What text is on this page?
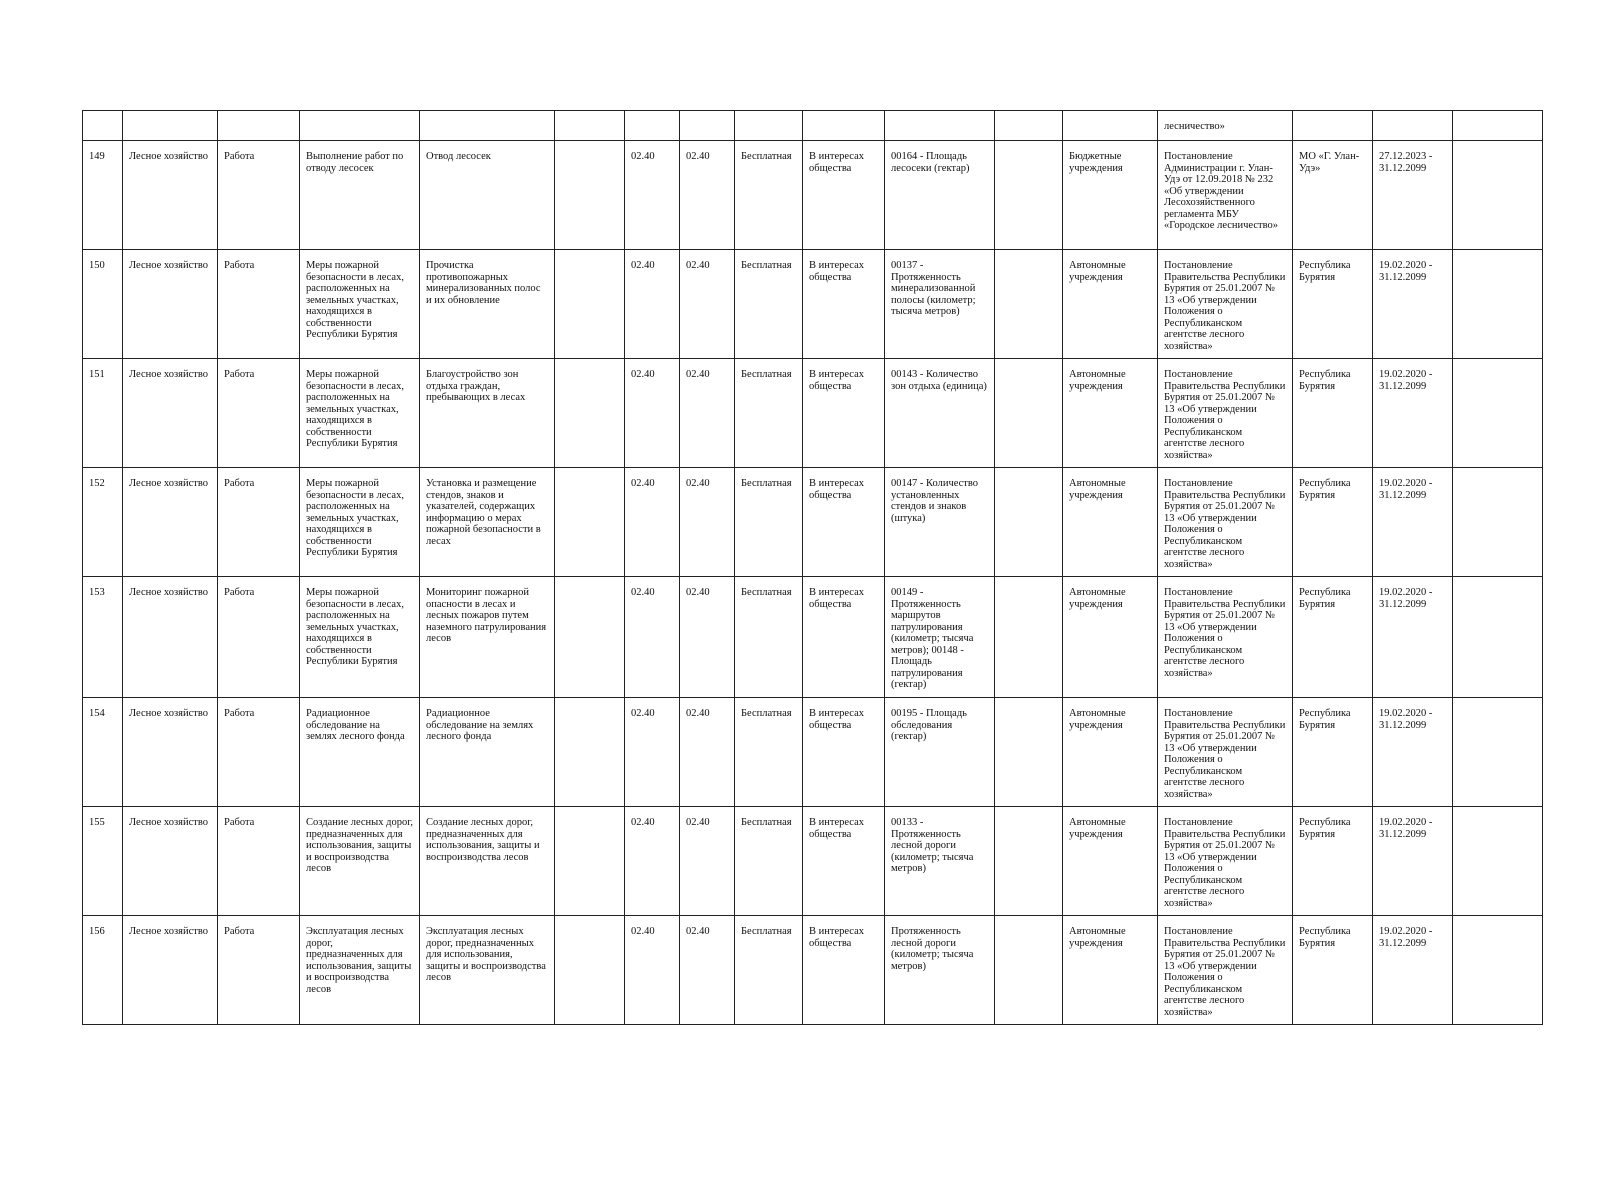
													лесничество»			
149	Лесное хозяйство	Работа	Выполнение работ по отводу лесосек	Отвод лесосек		02.40	02.40	Бесплатная	В интересах общества	00164 - Площадь лесосеки (гектар)		Бюджетные учреждения	Постановление Администрации г. Улан-Удэ от 12.09.2018 № 232 «Об утверждении Лесохозяйственного регламента МБУ «Городское лесничество»	МО «Г. Улан-Удэ»	27.12.2023 - 31.12.2099	
150	Лесное хозяйство	Работа	Меры пожарной безопасности в лесах, расположенных на земельных участках, находящихся в собственности Республики Бурятия	Прочистка противопожарных минерализованных полос и их обновление		02.40	02.40	Бесплатная	В интересах общества	00137 - Протяженность минерализованной полосы (километр; тысяча метров)		Автономные учреждения	Постановление Правительства Республики Бурятия от 25.01.2007 № 13 «Об утверждении Положения о Республиканском агентстве лесного хозяйства»	Республика Бурятия	19.02.2020 - 31.12.2099	
151	Лесное хозяйство	Работа	Меры пожарной безопасности в лесах, расположенных на земельных участках, находящихся в собственности Республики Бурятия	Благоустройство зон отдыха граждан, пребывающих в лесах		02.40	02.40	Бесплатная	В интересах общества	00143 - Количество зон отдыха (единица)		Автономные учреждения	Постановление Правительства Республики Бурятия от 25.01.2007 № 13 «Об утверждении Положения о Республиканском агентстве лесного хозяйства»	Республика Бурятия	19.02.2020 - 31.12.2099	
152	Лесное хозяйство	Работа	Меры пожарной безопасности в лесах, расположенных на земельных участках, находящихся в собственности Республики Бурятия	Установка и размещение стендов, знаков и указателей, содержащих информацию о мерах пожарной безопасности в лесах		02.40	02.40	Бесплатная	В интересах общества	00147 - Количество установленных стендов и знаков (штука)		Автономные учреждения	Постановление Правительства Республики Бурятия от 25.01.2007 № 13 «Об утверждении Положения о Республиканском агентстве лесного хозяйства»	Республика Бурятия	19.02.2020 - 31.12.2099	
153	Лесное хозяйство	Работа	Меры пожарной безопасности в лесах, расположенных на земельных участках, находящихся в собственности Республики Бурятия	Мониторинг пожарной опасности в лесах и лесных пожаров путем наземного патрулирования лесов		02.40	02.40	Бесплатная	В интересах общества	00149 - Протяженность маршрутов патрулирования (километр; тысяча метров); 00148 - Площадь патрулирования (гектар)		Автономные учреждения	Постановление Правительства Республики Бурятия от 25.01.2007 № 13 «Об утверждении Положения о Республиканском агентстве лесного хозяйства»	Республика Бурятия	19.02.2020 - 31.12.2099	
154	Лесное хозяйство	Работа	Радиационное обследование на землях лесного фонда	Радиационное обследование на землях лесного фонда		02.40	02.40	Бесплатная	В интересах общества	00195 - Площадь обследования (гектар)		Автономные учреждения	Постановление Правительства Республики Бурятия от 25.01.2007 № 13 «Об утверждении Положения о Республиканском агентстве лесного хозяйства»	Республика Бурятия	19.02.2020 - 31.12.2099	
155	Лесное хозяйство	Работа	Создание лесных дорог, предназначенных для использования, защиты и воспроизводства лесов	Создание лесных дорог, предназначенных для использования, защиты и воспроизводства лесов		02.40	02.40	Бесплатная	В интересах общества	00133 - Протяженность лесной дороги (километр; тысяча метров)		Автономные учреждения	Постановление Правительства Республики Бурятия от 25.01.2007 № 13 «Об утверждении Положения о Республиканском агентстве лесного хозяйства»	Республика Бурятия	19.02.2020 - 31.12.2099	
156	Лесное хозяйство	Работа	Эксплуатация лесных дорог, предназначенных для использования, защиты и воспроизводства лесов	Эксплуатация лесных дорог, предназначенных для использования, защиты и воспроизводства лесов		02.40	02.40	Бесплатная	В интересах общества	Протяженность лесной дороги (километр; тысяча метров)		Автономные учреждения	Постановление Правительства Республики Бурятия от 25.01.2007 № 13 «Об утверждении Положения о Республиканском агентстве лесного хозяйства»	Республика Бурятия	19.02.2020 - 31.12.2099	
